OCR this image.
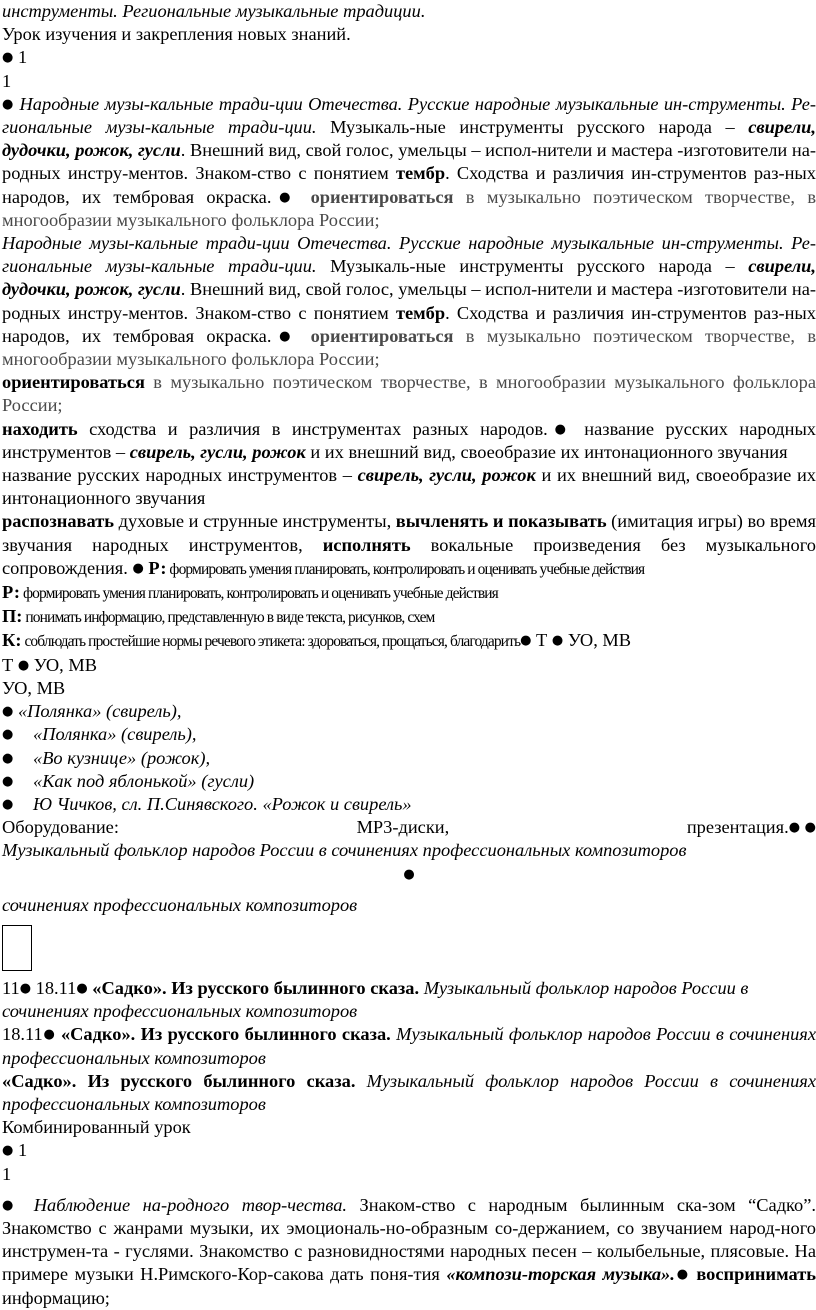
инструменты. Региональные музыкальные традиции.

Урок изучения и закрепления новых знаний.

● 1

1

● Народные музы-кальные тради-ции Отечества. Русские народные музыкальные ин-струменты. Ре-гиональные музы-кальные тради-ции. Музыкаль-ные инструменты русского народа – свирели, дудочки, рожок, гусли. Внешний вид, свой голос, умельцы – испол-нители и мастера -изготовители на-родных инстру-ментов. Знаком-ство с понятием тембр. Сходства и различия ин-струментов раз-ных народов, их тембровая окраска.● ориентироваться в музыкально поэтическом творчестве, в многообразии музыкального фольклора России;

Народные музы-кальные тради-ции Отечества. Русские народные музыкальные ин-струменты. Ре-гиональные музы-кальные тради-ции. Музыкаль-ные инструменты русского народа – свирели, дудочки, рожок, гусли. Внешний вид, свой голос, умельцы – испол-нители и мастера -изготовители на-родных инстру-ментов. Знаком-ство с понятием тембр. Сходства и различия ин-струментов раз-ных народов, их тембровая окраска.● ориентироваться в музыкально поэтическом творчестве, в многообразии музыкального фольклора России;

ориентироваться в музыкально поэтическом творчестве, в многообразии музыкального фольклора России;

находить сходства и различия в инструментах разных народов.● название русских народных инструментов – свирель, гусли, рожок и их внешний вид, своеобразие их интонационного звучания

название русских народных инструментов – свирель, гусли, рожок и их внешний вид, своеобразие их интонационного звучания

распознавать духовые и струнные инструменты, вычленять и показывать (имитация игры) во время звучания народных инструментов, исполнять вокальные произведения без музыкального сопровождения. ● Р: формировать умения планировать, контролировать и оценивать учебные действия

Р: формировать умения планировать, контролировать и оценивать учебные действия

П: понимать информацию, представленную в виде текста, рисунков, схем

К: соблюдать простейшие нормы речевого этикета: здороваться, прощаться, благодарить● Т ● УО, МВ

Т ● УО, МВ

УО, МВ

● «Полянка» (свирель),

● «Полянка» (свирель),

● «Во кузнице» (рожок),

● «Как под яблонькой» (гусли)

● Ю Чичков, сл. П.Синявского. «Рожок и свирель»

Оборудование:	МР3-диски,	презентация.● ●

Музыкальный фольклор народов России в сочинениях профессиональных композиторов

●

сочинениях профессиональных композиторов

11● 18.11● «Садко». Из русского былинного сказа. Музыкальный фольклор народов России в сочинениях профессиональных композиторов

18.11● «Садко». Из русского былинного сказа. Музыкальный фольклор народов России в сочинениях профессиональных композиторов

«Садко». Из русского былинного сказа. Музыкальный фольклор народов России в сочинениях профессиональных композиторов

Комбинированный урок

● 1

1

● Наблюдение на-родного твор-чества. Знаком-ство с народным былинным ска-зом “Садко”. Знакомство с жанрами музыки, их эмоциональ-но-образным со-держанием, со звучанием народ-ного инструмен-та - гуслями. Знакомство с разновидностями народных песен – колыбельные, плясовые. На примере музыки Н.Римского-Кор-сакова дать поня-тия «компози-торская музыка».● воспринимать информацию;
